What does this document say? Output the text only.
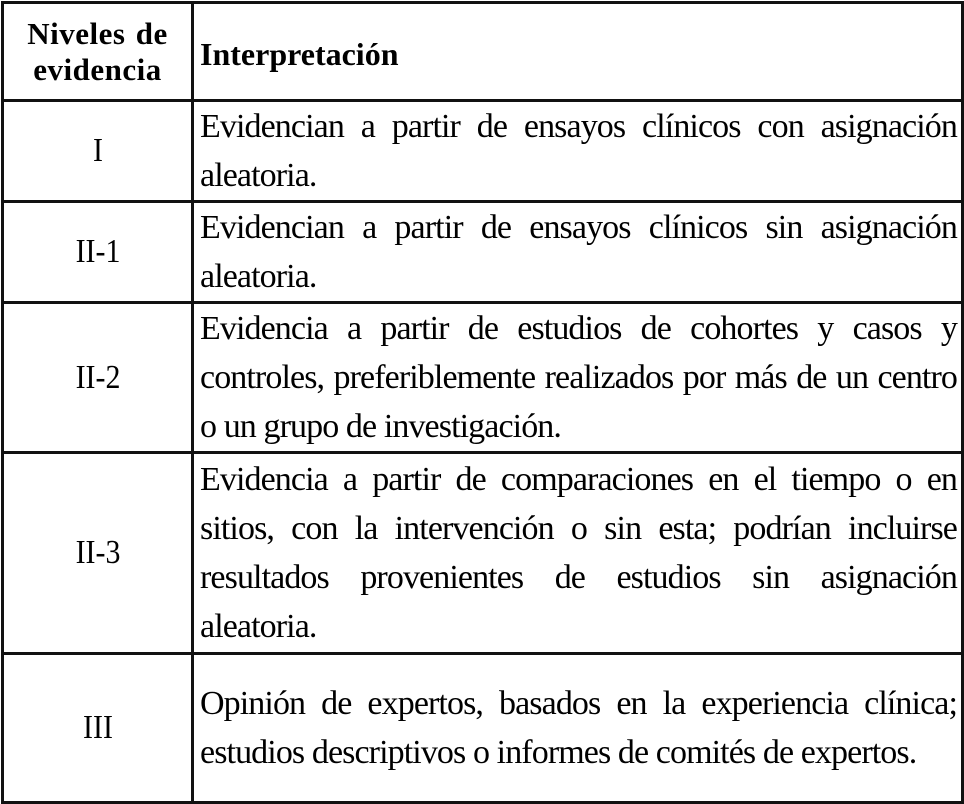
Niveles de evidencia	Interpretación
I	Evidencian a partir de ensayos clínicos con asignación aleatoria.
II-1	Evidencian a partir de ensayos clínicos sin asignación aleatoria.
II-2	Evidencia a partir de estudios de cohortes y casos y controles, preferiblemente realizados por más de un centro o un grupo de investigación.
II-3	Evidencia a partir de comparaciones en el tiempo o en sitios, con la intervención o sin esta; podrían incluirse resultados provenientes de estudios sin asignación aleatoria.
III	Opinión de expertos, basados en la experiencia clínica; estudios descriptivos o informes de comités de expertos.
